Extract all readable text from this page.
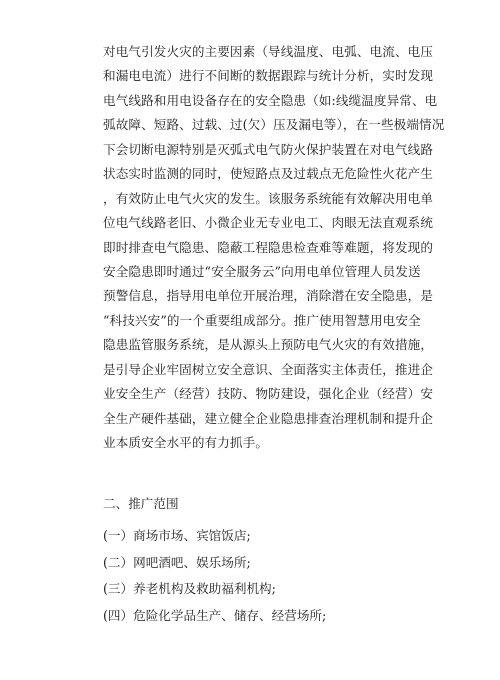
对电气引发火灾的主要因素（导线温度、电弧、电流、电压
和漏电电流）进行不间断的数据跟踪与统计分析，实时发现
电气线路和用电设备存在的安全隐患（如:线缆温度异常、电
弧故障、短路、过载、过(欠）压及漏电等），在一些极端情况
下会切断电源特别是灭弧式电气防火保护装置在对电气线路
状态实时监测的同时，使短路点及过载点无危险性火花产生
，有效防止电气火灾的发生。该服务系统能有效解决用电单
位电气线路老旧、小微企业无专业电工、肉眼无法直观系统
即时排查电气隐患、隐蔽工程隐患检查难等难题，将发现的
安全隐患即时通过“安全服务云”向用电单位管理人员发送
预警信息，指导用电单位开展治理，消除潜在安全隐患，是
“科技兴安”的一个重要组成部分。推广使用智慧用电安全
隐患监管服务系统，是从源头上预防电气火灾的有效措施，
是引导企业牢固树立安全意识、全面落实主体责任，推进企
业安全生产（经营）技防、物防建设，强化企业（经营）安
全生产硬件基础，建立健全企业隐患排查治理机制和提升企
业本质安全水平的有力抓手。
二、推广范围
(一）商场市场、宾馆饭店;
(二）网吧酒吧、娱乐场所;
(三）养老机构及救助福利机构;
(四）危险化学品生产、储存、经营场所;
